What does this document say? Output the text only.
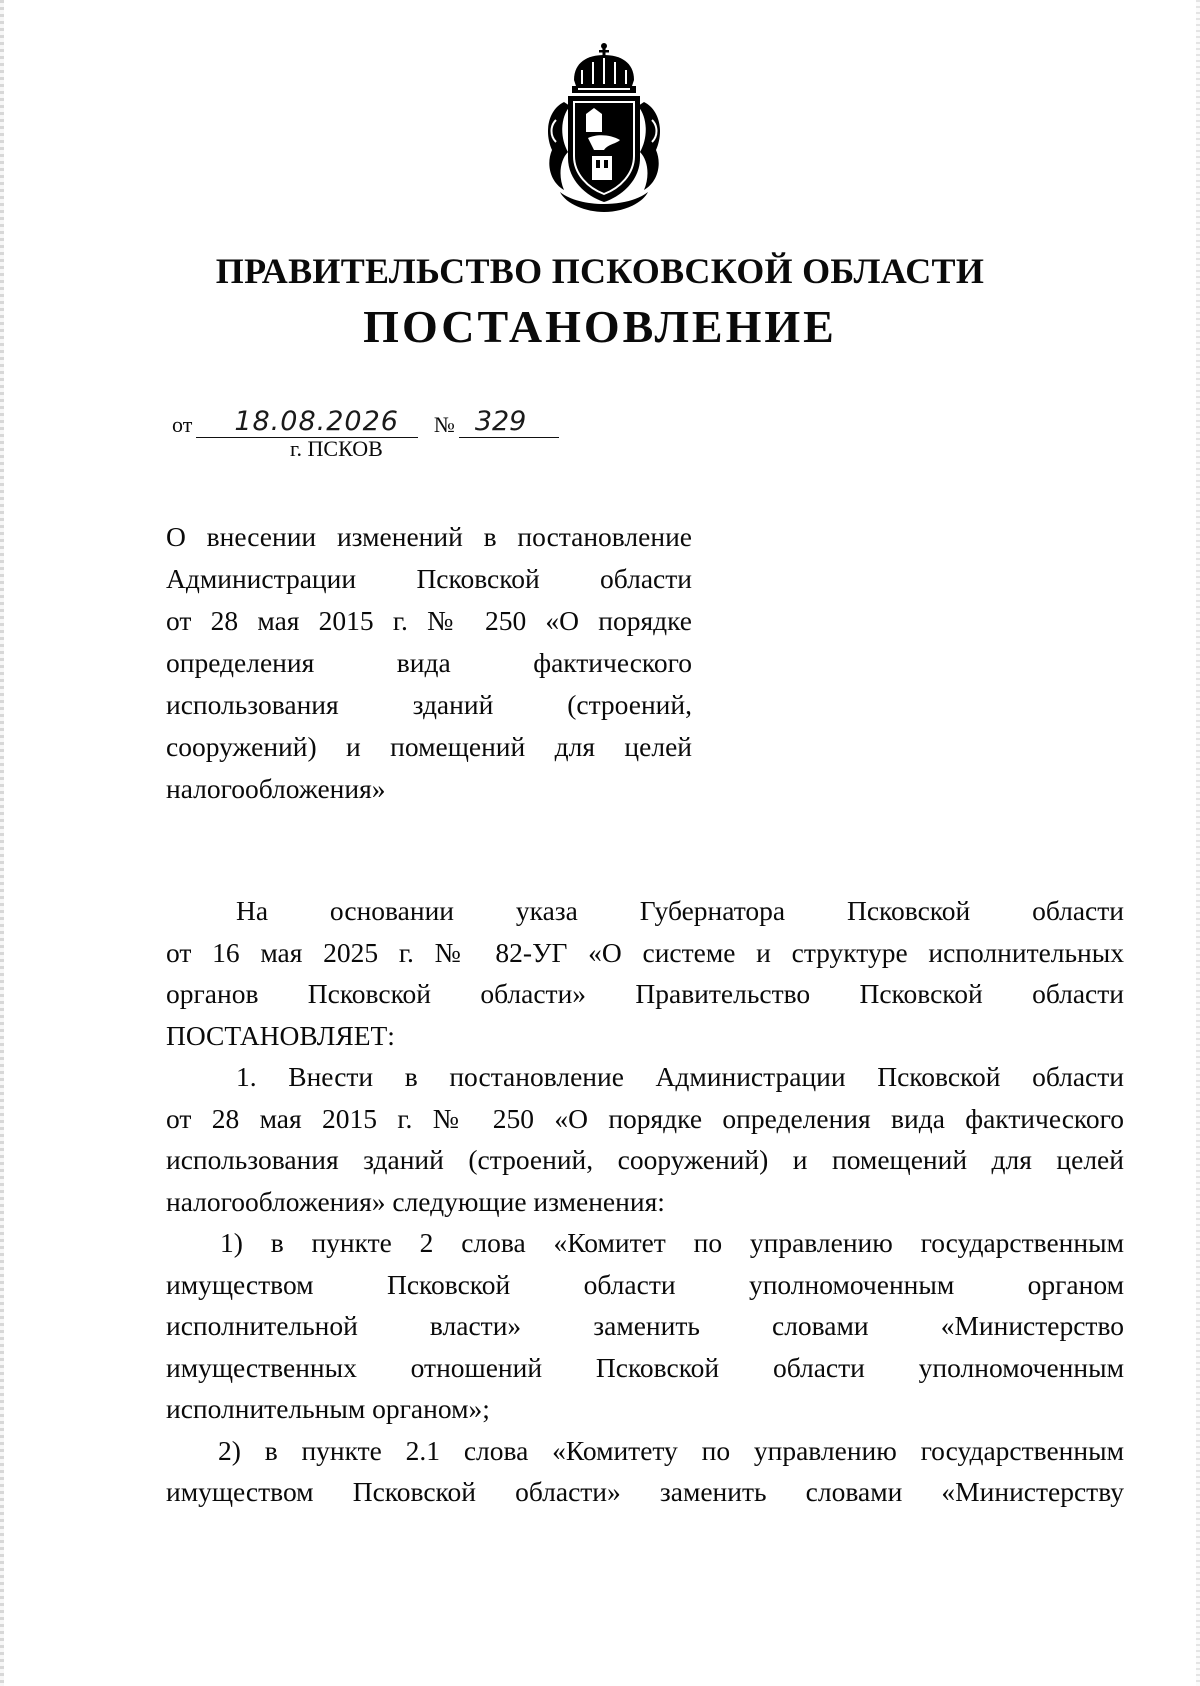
ПРАВИТЕЛЬСТВО ПСКОВСКОЙ ОБЛАСТИ
ПОСТАНОВЛЕНИЕ
от 18.08.2026 № 329
г. ПСКОВ
О внесении изменений в постановление
Администрации Псковской области
от 28 мая 2015 г. № 250 «О порядке
определения вида фактического
использования зданий (строений,
сооружений) и помещений для целей
налогообложения»
На основании указа Губернатора Псковской области
от 16 мая 2025 г. № 82-УГ «О системе и структуре исполнительных
органов Псковской области» Правительство Псковской области
ПОСТАНОВЛЯЕТ:
1. Внести в постановление Администрации Псковской области
от 28 мая 2015 г. № 250 «О порядке определения вида фактического
использования зданий (строений, сооружений) и помещений для целей
налогообложения» следующие изменения:
1) в пункте 2 слова «Комитет по управлению государственным
имуществом Псковской области уполномоченным органом
исполнительной власти» заменить словами «Министерство
имущественных отношений Псковской области уполномоченным
исполнительным органом»;
2) в пункте 2.1 слова «Комитету по управлению государственным
имуществом Псковской области» заменить словами «Министерству
